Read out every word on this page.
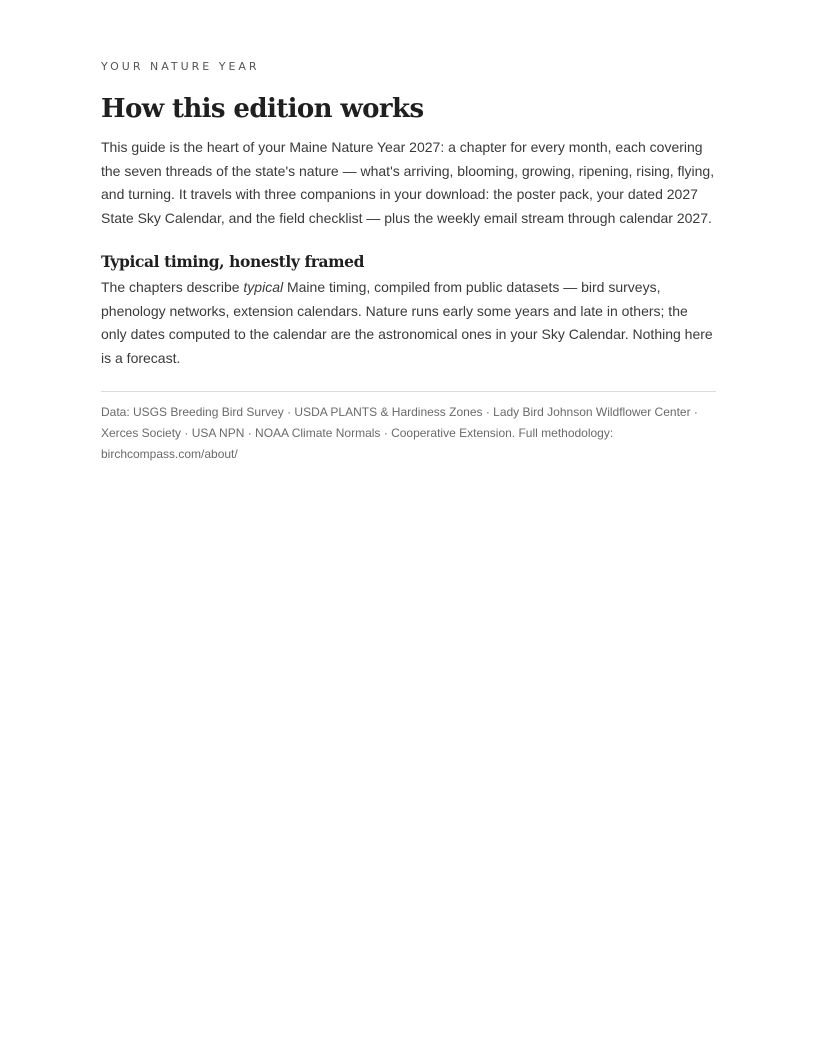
YOUR NATURE YEAR

How this edition works

This guide is the heart of your Maine Nature Year 2027: a chapter for every month, each covering the seven threads of the state's nature — what's arriving, blooming, growing, ripening, rising, flying, and turning. It travels with three companions in your download: the poster pack, your dated 2027 State Sky Calendar, and the field checklist — plus the weekly email stream through calendar 2027.

Typical timing, honestly framed

The chapters describe typical Maine timing, compiled from public datasets — bird surveys, phenology networks, extension calendars. Nature runs early some years and late in others; the only dates computed to the calendar are the astronomical ones in your Sky Calendar. Nothing here is a forecast.

Data: USGS Breeding Bird Survey · USDA PLANTS & Hardiness Zones · Lady Bird Johnson Wildflower Center · Xerces Society · USA NPN · NOAA Climate Normals · Cooperative Extension. Full methodology: birchcompass.com/about/
